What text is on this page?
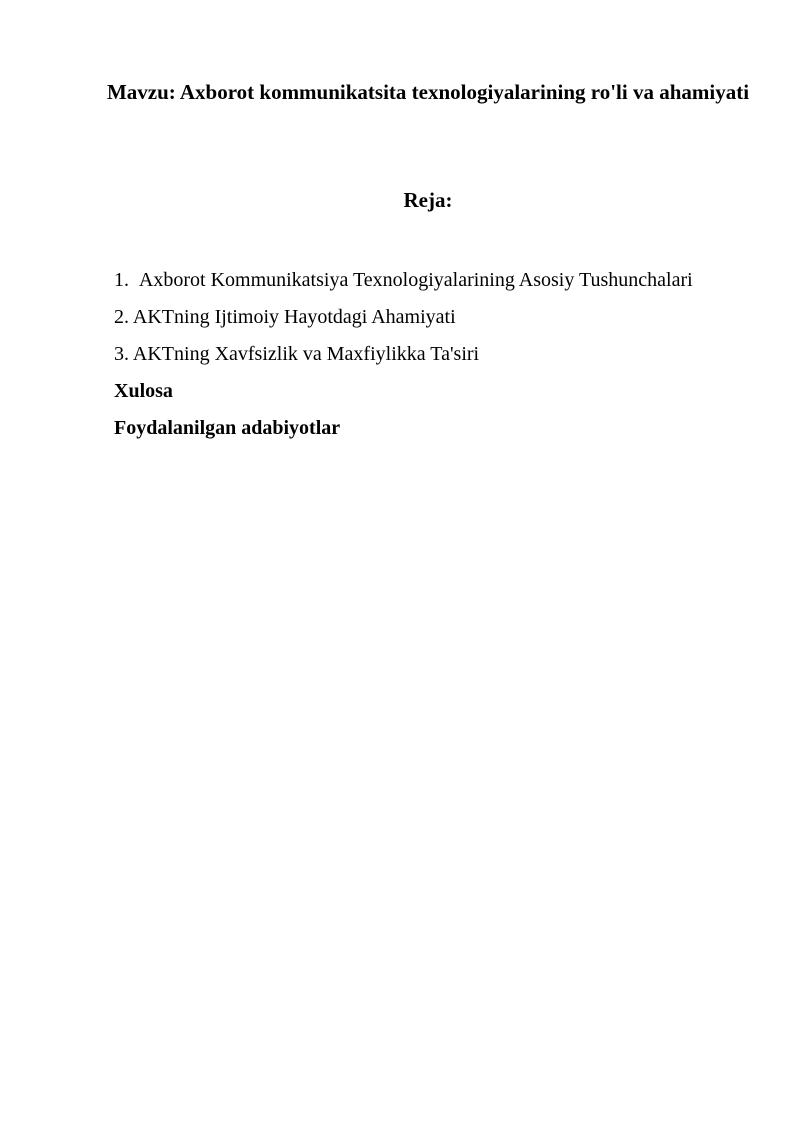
Mavzu: Axborot kommunikatsita texnologiyalarining ro'li va ahamiyati
Reja:
1. Axborot Kommunikatsiya Texnologiyalarining Asosiy Tushunchalari
2. AKTning Ijtimoiy Hayotdagi Ahamiyati
3. AKTning Xavfsizlik va Maxfiylikka Ta'siri
Xulosa
Foydalanilgan adabiyotlar
